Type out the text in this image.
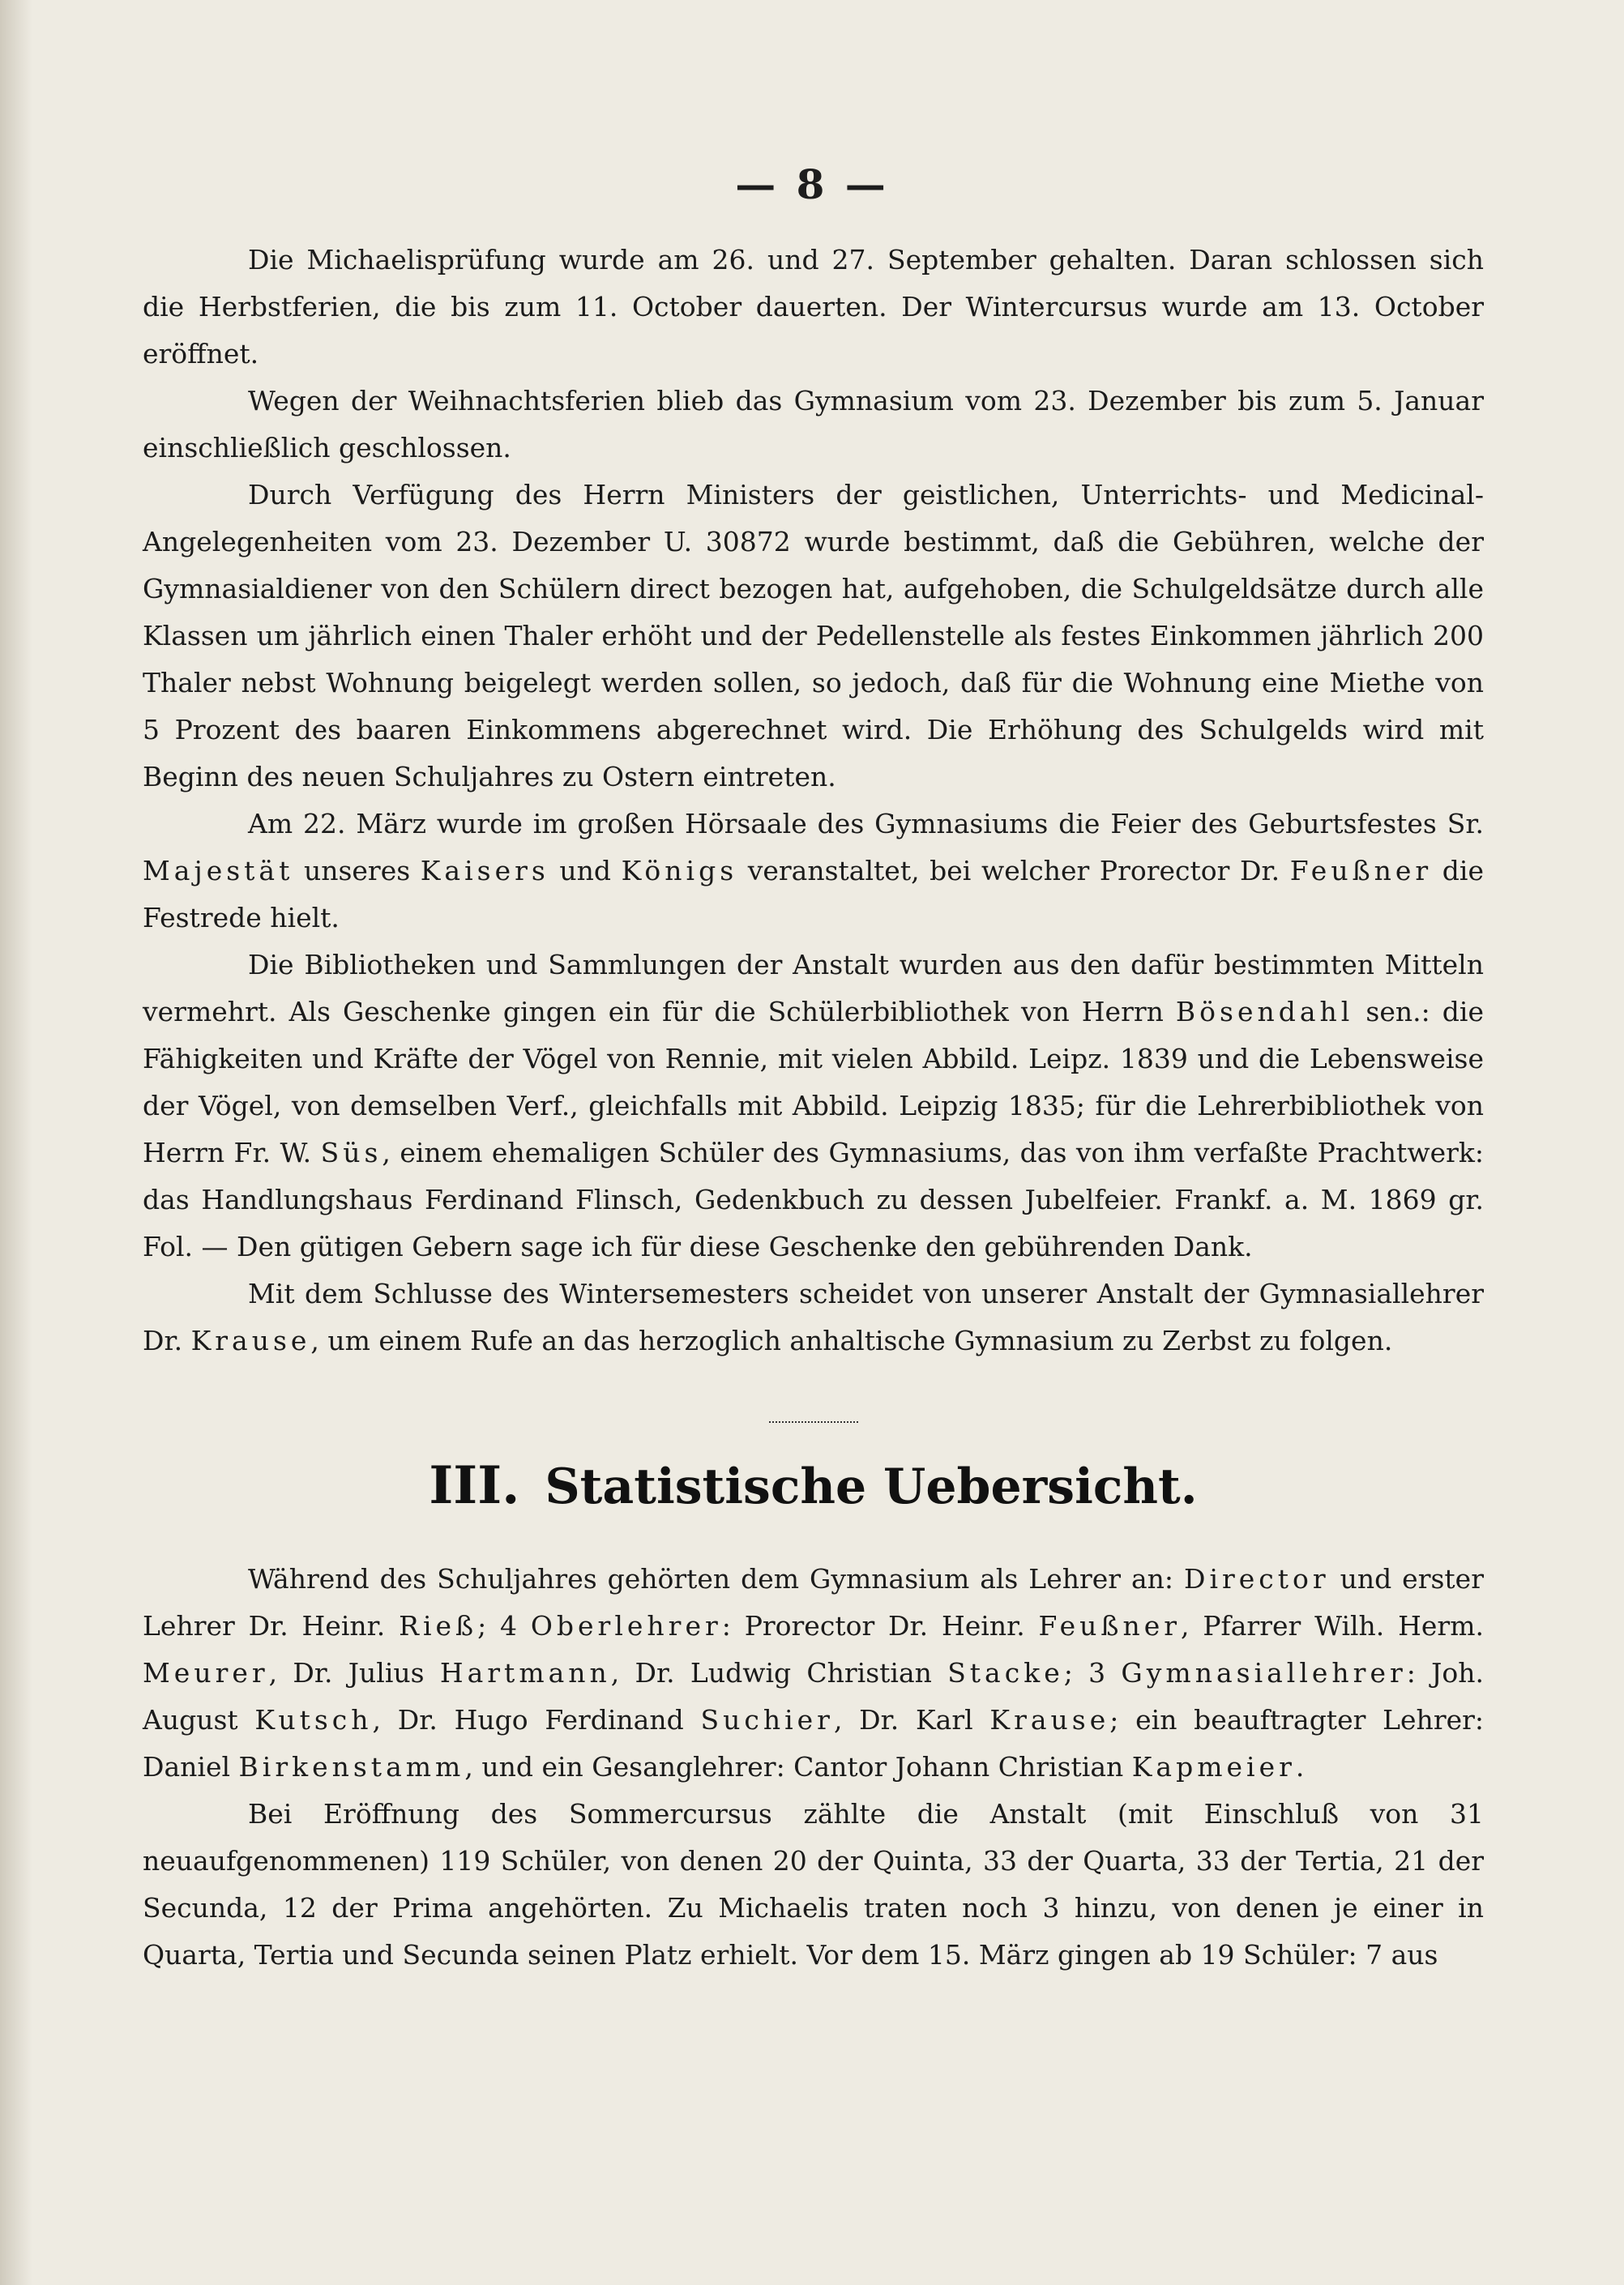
— 8 —

Die Michaelisprüfung wurde am 26. und 27. September gehalten. Daran schlossen sich die Herbstferien, die bis zum 11. October dauerten. Der Wintercursus wurde am 13. October eröffnet.

Wegen der Weihnachtsferien blieb das Gymnasium vom 23. Dezember bis zum 5. Januar einschließlich geschlossen.

Durch Verfügung des Herrn Ministers der geistlichen, Unterrichts- und Medicinal-Angelegenheiten vom 23. Dezember U. 30872 wurde bestimmt, daß die Gebühren, welche der Gymnasialdiener von den Schülern direct bezogen hat, aufgehoben, die Schulgeldsätze durch alle Klassen um jährlich einen Thaler erhöht und der Pedellenstelle als festes Einkommen jährlich 200 Thaler nebst Wohnung beigelegt werden sollen, so jedoch, daß für die Wohnung eine Miethe von 5 Prozent des baaren Einkommens abgerechnet wird. Die Erhöhung des Schulgelds wird mit Beginn des neuen Schuljahres zu Ostern eintreten.

Am 22. März wurde im großen Hörsaale des Gymnasiums die Feier des Geburtsfestes Sr. Majestät unseres Kaisers und Königs veranstaltet, bei welcher Prorector Dr. Feußner die Festrede hielt.

Die Bibliotheken und Sammlungen der Anstalt wurden aus den dafür bestimmten Mitteln vermehrt. Als Geschenke gingen ein für die Schülerbibliothek von Herrn Bösendahl sen.: die Fähigkeiten und Kräfte der Vögel von Rennie, mit vielen Abbild. Leipz. 1839 und die Lebensweise der Vögel, von demselben Verf., gleichfalls mit Abbild. Leipzig 1835; für die Lehrerbibliothek von Herrn Fr. W. Süs, einem ehemaligen Schüler des Gymnasiums, das von ihm verfaßte Prachtwerk: das Handlungshaus Ferdinand Flinsch, Gedenkbuch zu dessen Jubelfeier. Frankf. a. M. 1869 gr. Fol. — Den gütigen Gebern sage ich für diese Geschenke den gebührenden Dank.

Mit dem Schlusse des Wintersemesters scheidet von unserer Anstalt der Gymnasiallehrer Dr. Krause, um einem Rufe an das herzoglich anhaltische Gymnasium zu Zerbst zu folgen.

III. Statistische Uebersicht.

Während des Schuljahres gehörten dem Gymnasium als Lehrer an: Director und erster Lehrer Dr. Heinr. Rieß; 4 Oberlehrer: Prorector Dr. Heinr. Feußner, Pfarrer Wilh. Herm. Meurer, Dr. Julius Hartmann, Dr. Ludwig Christian Stacke; 3 Gymnasiallehrer: Joh. August Kutsch, Dr. Hugo Ferdinand Suchier, Dr. Karl Krause; ein beauftragter Lehrer: Daniel Birkenstamm, und ein Gesanglehrer: Cantor Johann Christian Kapmeier.

Bei Eröffnung des Sommercursus zählte die Anstalt (mit Einschluß von 31 neuaufgenommenen) 119 Schüler, von denen 20 der Quinta, 33 der Quarta, 33 der Tertia, 21 der Secunda, 12 der Prima angehörten. Zu Michaelis traten noch 3 hinzu, von denen je einer in Quarta, Tertia und Secunda seinen Platz erhielt. Vor dem 15. März gingen ab 19 Schüler: 7 aus
